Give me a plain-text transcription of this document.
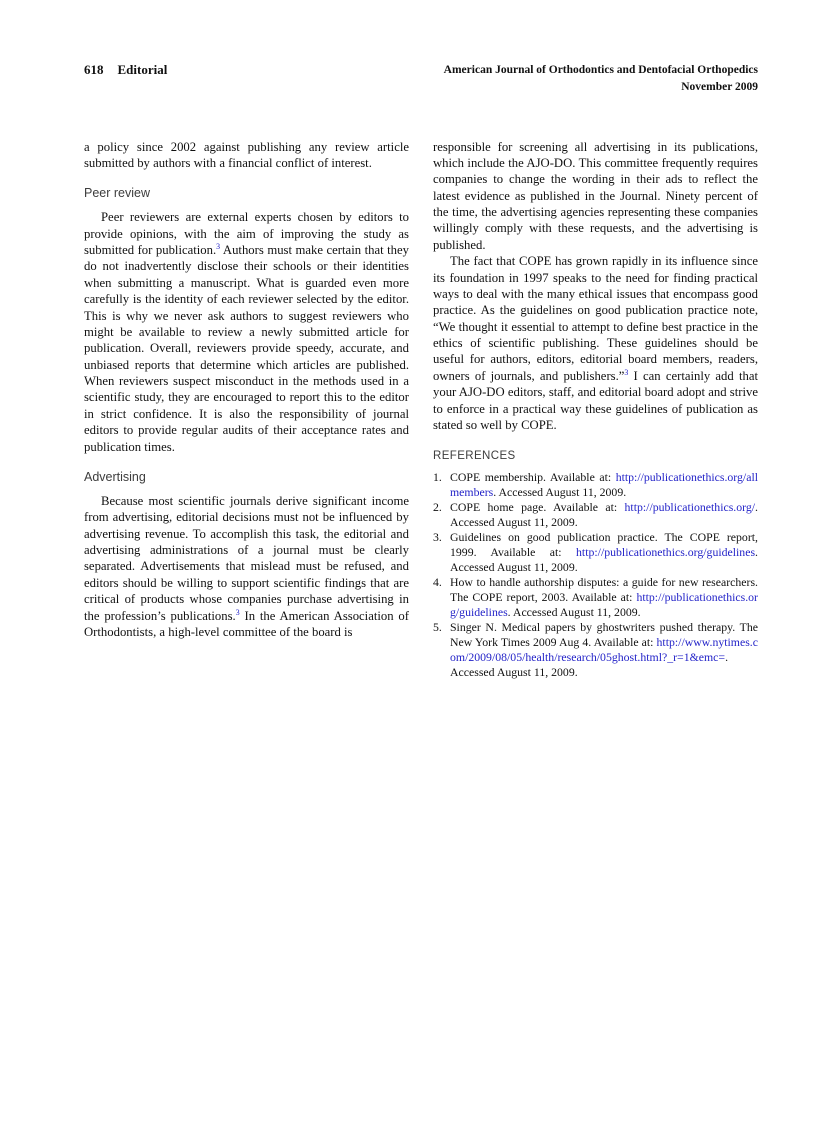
618 Editorial	American Journal of Orthodontics and Dentofacial Orthopedics
November 2009

a policy since 2002 against publishing any review article submitted by authors with a financial conflict of interest.

Peer review

Peer reviewers are external experts chosen by editors to provide opinions, with the aim of improving the study as submitted for publication.$^3$ Authors must make certain that they do not inadvertently disclose their schools or their identities when submitting a manuscript. What is guarded even more carefully is the identity of each reviewer selected by the editor. This is why we never ask authors to suggest reviewers who might be available to review a newly submitted article for publication. Overall, reviewers provide speedy, accurate, and unbiased reports that determine which articles are published. When reviewers suspect misconduct in the methods used in a scientific study, they are encouraged to report this to the editor in strict confidence. It is also the responsibility of journal editors to provide regular audits of their acceptance rates and publication times.

Advertising

Because most scientific journals derive significant income from advertising, editorial decisions must not be influenced by advertising revenue. To accomplish this task, the editorial and advertising administrations of a journal must be clearly separated. Advertisements that mislead must be refused, and editors should be willing to support scientific findings that are critical of products whose companies purchase advertising in the profession’s publications.$^3$ In the American Association of Orthodontists, a high-level committee of the board is

responsible for screening all advertising in its publications, which include the AJO-DO. This committee frequently requires companies to change the wording in their ads to reflect the latest evidence as published in the Journal. Ninety percent of the time, the advertising agencies representing these companies willingly comply with these requests, and the advertising is published.

The fact that COPE has grown rapidly in its influence since its foundation in 1997 speaks to the need for finding practical ways to deal with the many ethical issues that encompass good practice. As the guidelines on good publication practice note, “We thought it essential to attempt to define best practice in the ethics of scientific publishing. These guidelines should be useful for authors, editors, editorial board members, readers, owners of journals, and publishers.”$^3$ I can certainly add that your AJO-DO editors, staff, and editorial board adopt and strive to enforce in a practical way these guidelines of publication as stated so well by COPE.

REFERENCES
1. COPE membership. Available at: http://publicationethics.org/allmembers. Accessed August 11, 2009.
2. COPE home page. Available at: http://publicationethics.org/. Accessed August 11, 2009.
3. Guidelines on good publication practice. The COPE report, 1999. Available at: http://publicationethics.org/guidelines. Accessed August 11, 2009.
4. How to handle authorship disputes: a guide for new researchers. The COPE report, 2003. Available at: http://publicationethics.org/guidelines. Accessed August 11, 2009.
5. Singer N. Medical papers by ghostwriters pushed therapy. The New York Times 2009 Aug 4. Available at: http://www.nytimes.com/2009/08/05/health/research/05ghost.html?_r=1&emc=. Accessed August 11, 2009.
